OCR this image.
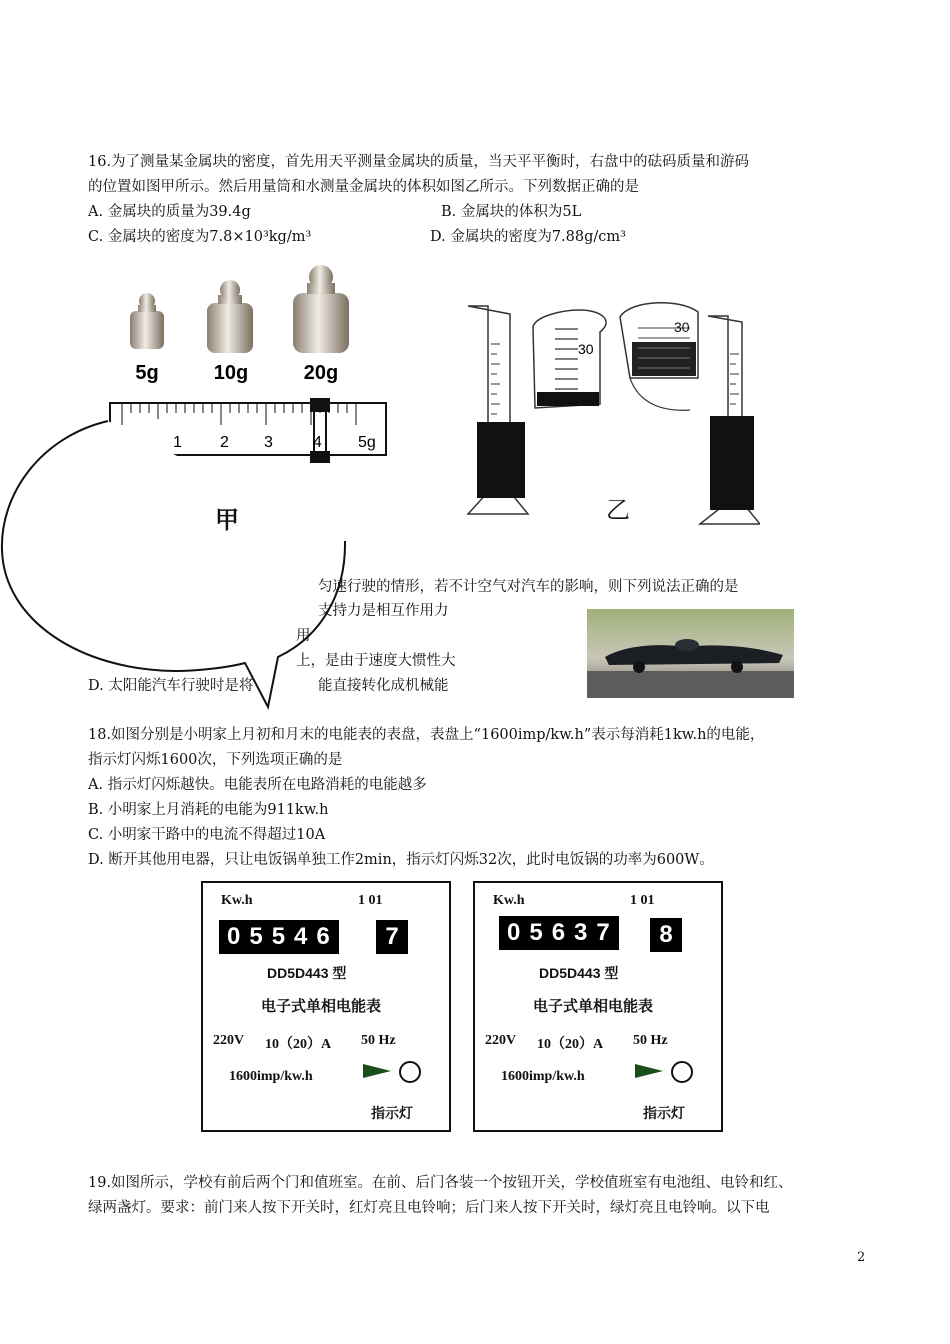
16.为了测量某金属块的密度，首先用天平测量金属块的质量，当天平平衡时，右盘中的砝码质量和游码
的位置如图甲所示。然后用量筒和水测量金属块的体积如图乙所示。下列数据正确的是
A. 金属块的质量为39.4g	B. 金属块的体积为5L
C. 金属块的密度为7.8×10³kg/m³	D. 金属块的密度为7.88g/cm³
5g	10g	20g
1 2 3	4 5g
甲
30
30
乙
匀速行驶的情形，若不计空气对汽车的影响，则下列说法正确的是
支持力是相互作用力
用
上，是由于速度大惯性大
D. 太阳能汽车行驶时是将	能直接转化成机械能
18.如图分别是小明家上月初和月末的电能表的表盘，表盘上“1600imp/kw.h”表示每消耗1kw.h的电能，
指示灯闪烁1600次，下列选项正确的是
A. 指示灯闪烁越快。电能表所在电路消耗的电能越多
B. 小明家上月消耗的电能为911kw.h
C. 小明家干路中的电流不得超过10A
D. 断开其他用电器，只让电饭锅单独工作2min，指示灯闪烁32次，此时电饭锅的功率为600W。
Kw.h	1 01
05546	7
DD5D443 型
电子式单相电能表
220V 10（20）A 50 Hz
1600imp/kw.h
指示灯
Kw.h	1 01
05637	8
DD5D443 型
电子式单相电能表
220V 10（20）A 50 Hz
1600imp/kw.h
指示灯
19.如图所示，学校有前后两个门和值班室。在前、后门各装一个按钮开关，学校值班室有电池组、电铃和红、
绿两盏灯。要求：前门来人按下开关时，红灯亮且电铃响；后门来人按下开关时，绿灯亮且电铃响。以下电
2
